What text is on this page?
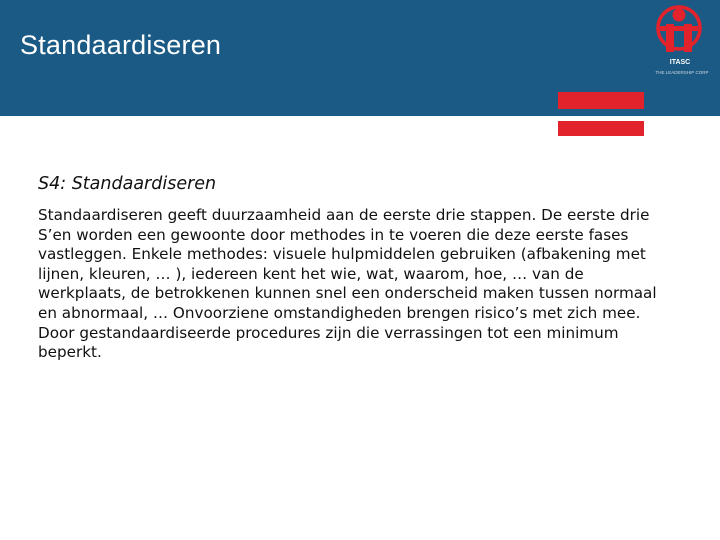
Standaardiseren
ITASC
THE LEADERSHIP CORP
S4: Standaardiseren
Standaardiseren geeft duurzaamheid aan de eerste drie stappen. De eerste drie
S’en worden een gewoonte door methodes in te voeren die deze eerste fases
vastleggen. Enkele methodes: visuele hulpmiddelen gebruiken (afbakening met
lijnen, kleuren, … ), iedereen kent het wie, wat, waarom, hoe, … van de
werkplaats, de betrokkenen kunnen snel een onderscheid maken tussen normaal
en abnormaal, … Onvoorziene omstandigheden brengen risico’s met zich mee.
Door gestandaardiseerde procedures zijn die verrassingen tot een minimum
beperkt.
